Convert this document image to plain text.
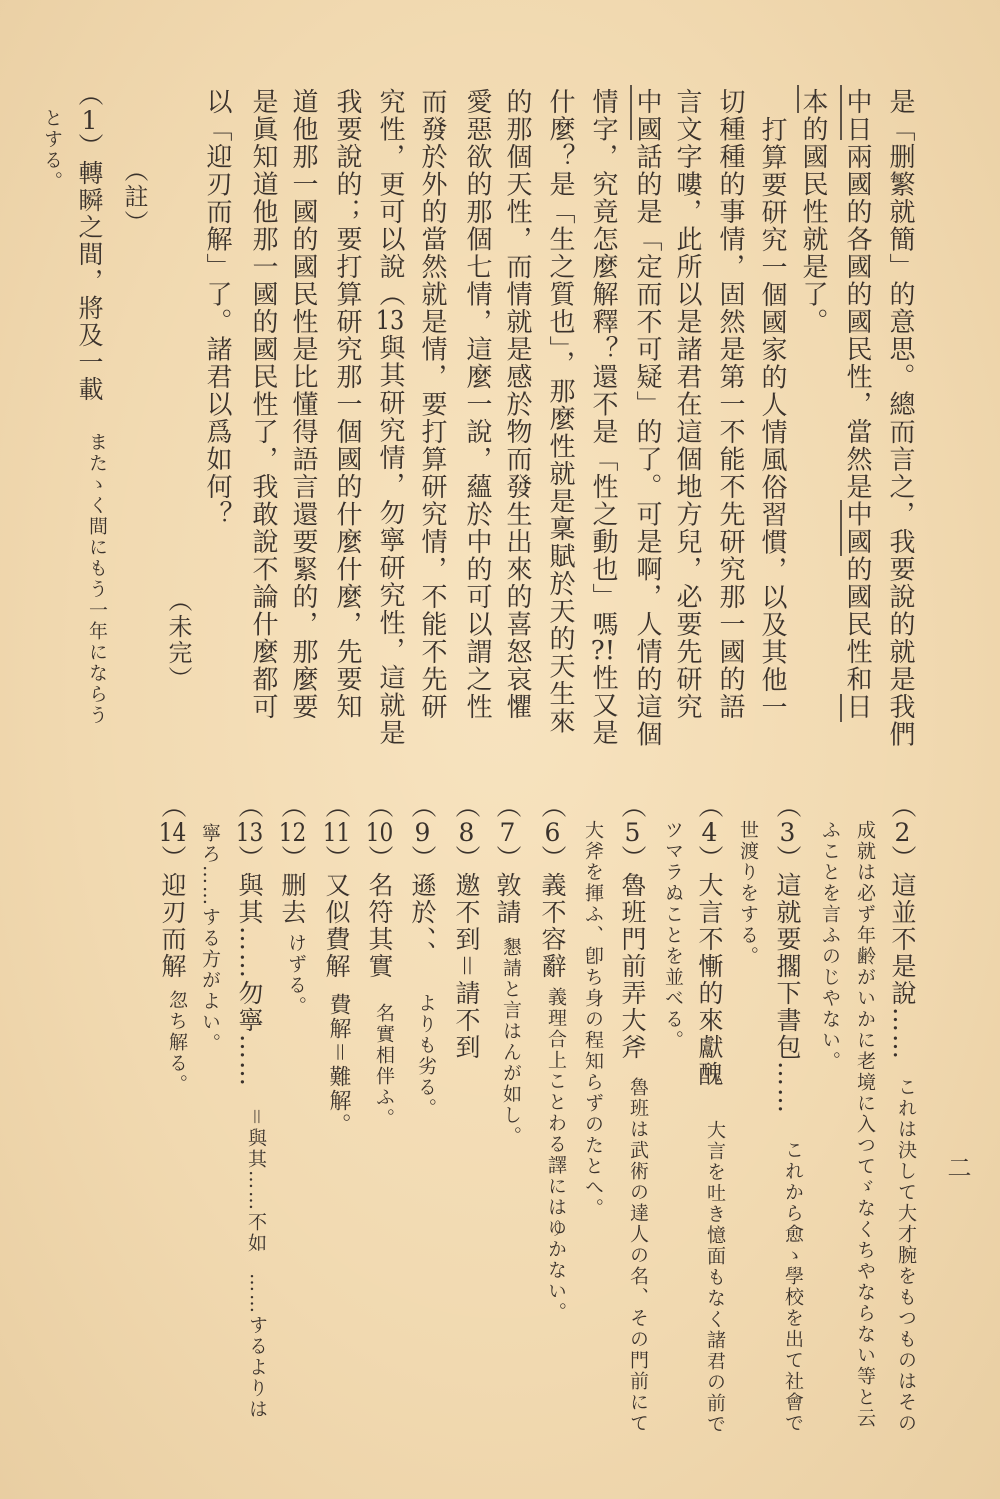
是「删繁就簡」的意思。總而言之，我要說的就是我們
中日兩國的各國的國民性，當然是中國的國民性和日
本的國民性就是了。
打算要研究一個國家的人情風俗習慣，以及其他一
切種種的事情，固然是第一不能不先研究那一國的語
言文字嘍，此所以是諸君在這個地方兒，必要先研究
中國話的是「定而不可疑」的了。可是啊，人情的這個
情字，究竟怎麼解釋？還不是「性之動也」嗎?!性又是
什麼？是「生之質也」，那麼性就是稟賦於天的天生來
的那個天性，而情就是感於物而發生出來的喜怒哀懼
愛惡欲的那個七情，這麼一說，蘊於中的可以謂之性
而發於外的當然就是情，要打算研究情，不能不先研
究性，更可以說（13與其研究情，勿寧研究性，這就是
我要說的；要打算研究那一個國的什麼什麼，先要知
道他那一國的國民性是比懂得語言還要緊的，那麼要
是眞知道他那一國的國民性了，我敢說不論什麼都可
以「迎刃而解」了。諸君以爲如何？
（未完）
（註）
（1）轉瞬之間，將及一載
またゝく間にもう一年にならう
とする。
（2）這並不是說……
これは決して大才腕をもつものはその
成就は必ず年齢がいかに老境に入つてゞなくちやならない等と云
ふことを言ふのじやない。
（3）這就要擱下書包……
これから愈ゝ學校を出て社會で
世渡りをする。
（4）大言不慚的來獻醜
大言を吐き憶面もなく諸君の前で
ツマラぬことを並べる。
（5）魯班門前弄大斧
魯班は武術の達人の名、その門前にて
大斧を揮ふ、卽ち身の程知らずのたとへ。
（6）義不容辭
義理合上ことわる譯にはゆかない。
（7）敦請
懇請と言はんが如し。
（8）邀不到＝請不到
（9）遜於、、
よりも劣る。
（10）名符其實
名實相伴ふ。
（11）又似費解
費解＝難解。
（12）删去
けずる。
（13）與其……勿寧……
＝與其……不如
……するよりは
寧ろ……する方がよい。
（14）迎刃而解
忽ち解る。
二
